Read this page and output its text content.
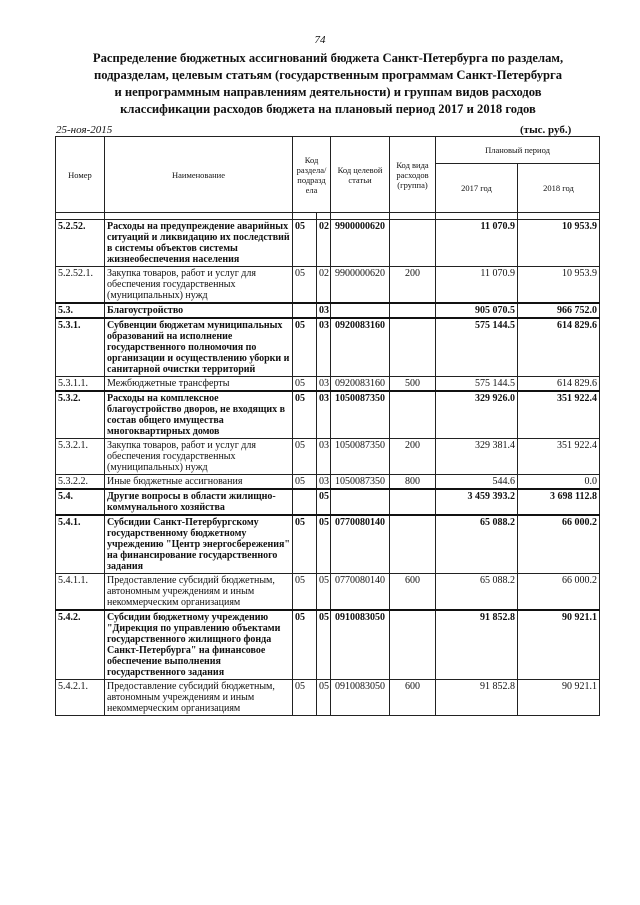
74
Распределение бюджетных ассигнований бюджета Санкт-Петербурга по разделам,
подразделам, целевым статьям (государственным программам Санкт-Петербурга
и непрограммным направлениям деятельности) и группам видов расходов
классификации расходов бюджета на плановый период 2017 и 2018 годов
25-ноя-2015	(тыс. руб.)
Номер	Наименование	Код раздела/ подразд ела		Код целевой статьи	Код вида расходов (группа)	Плановый период	
						2017 год	2018 год

5.2.52.	Расходы на предупреждение аварийных ситуаций и ликвидацию их последствий в системы объектов системы жизнеобеспечения населения	05	02	9900000620		11 070.9	10 953.9
5.2.52.1.	Закупка товаров, работ и услуг для обеспечения государственных (муниципальных) нужд	05	02	9900000620	200	11 070.9	10 953.9
5.3.	Благоустройство		03			905 070.5	966 752.0
5.3.1.	Субвенции бюджетам муниципальных образований на исполнение государственного полномочия по организации и осуществлению уборки и санитарной очистки территорий	05	03	0920083160		575 144.5	614 829.6
5.3.1.1.	Межбюджетные трансферты	05	03	0920083160	500	575 144.5	614 829.6
5.3.2.	Расходы на комплексное благоустройство дворов, не входящих в состав общего имущества многоквартирных домов	05	03	1050087350		329 926.0	351 922.4
5.3.2.1.	Закупка товаров, работ и услуг для обеспечения государственных (муниципальных) нужд	05	03	1050087350	200	329 381.4	351 922.4
5.3.2.2.	Иные бюджетные ассигнования	05	03	1050087350	800	544.6	0.0
5.4.	Другие вопросы в области жилищно-коммунального хозяйства		05			3 459 393.2	3 698 112.8
5.4.1.	Субсидии Санкт-Петербургскому государственному бюджетному учреждению "Центр энергосбережения" на финансирование государственного задания	05	05	0770080140		65 088.2	66 000.2
5.4.1.1.	Предоставление субсидий бюджетным, автономным учреждениям и иным некоммерческим организациям	05	05	0770080140	600	65 088.2	66 000.2
5.4.2.	Субсидии бюджетному учреждению "Дирекция по управлению объектами государственного жилищного фонда Санкт-Петербурга" на финансовое обеспечение выполнения государственного задания	05	05	0910083050		91 852.8	90 921.1
5.4.2.1.	Предоставление субсидий бюджетным, автономным учреждениям и иным некоммерческим организациям	05	05	0910083050	600	91 852.8	90 921.1
